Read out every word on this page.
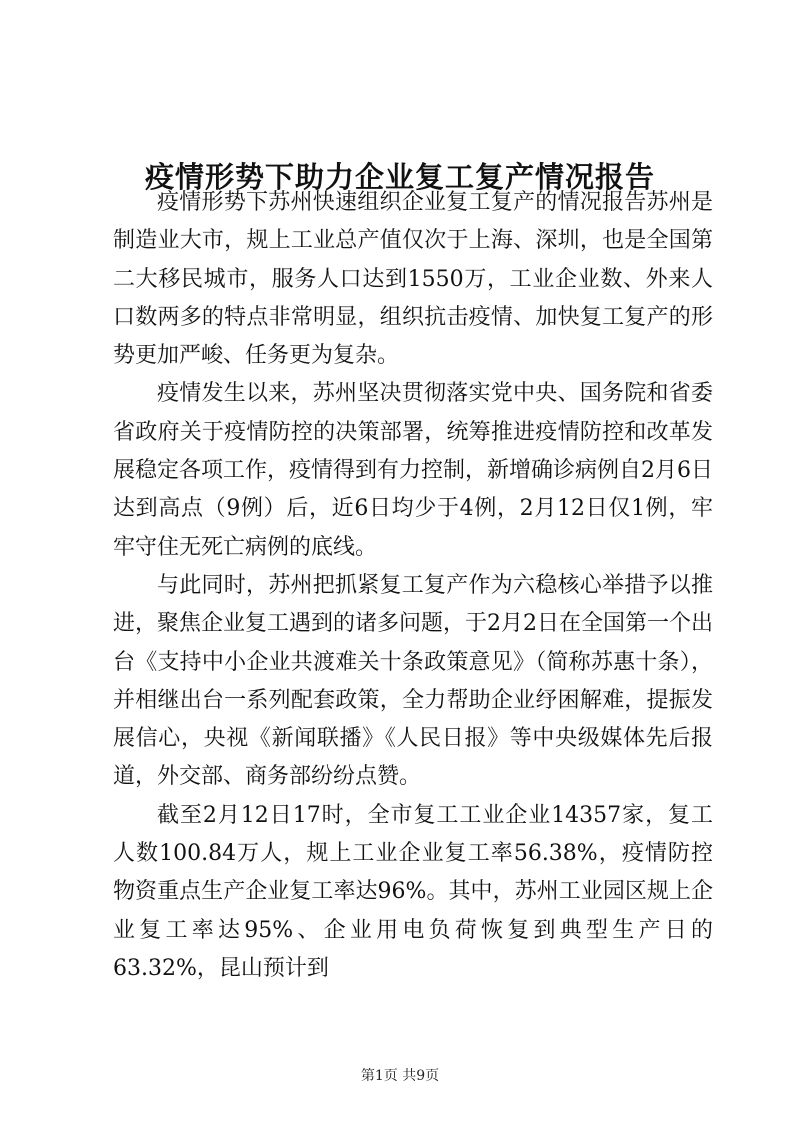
疫情形势下助力企业复工复产情况报告

疫情形势下苏州快速组织企业复工复产的情况报告苏州是制造业大市，规上工业总产值仅次于上海、深圳，也是全国第二大移民城市，服务人口达到1550万，工业企业数、外来人口数两多的特点非常明显，组织抗击疫情、加快复工复产的形势更加严峻、任务更为复杂。

疫情发生以来，苏州坚决贯彻落实党中央、国务院和省委省政府关于疫情防控的决策部署，统筹推进疫情防控和改革发展稳定各项工作，疫情得到有力控制，新增确诊病例自2月6日达到高点（9例）后，近6日均少于4例，2月12日仅1例，牢牢守住无死亡病例的底线。

与此同时，苏州把抓紧复工复产作为六稳核心举措予以推进，聚焦企业复工遇到的诸多问题，于2月2日在全国第一个出台《支持中小企业共渡难关十条政策意见》（简称苏惠十条），并相继出台一系列配套政策，全力帮助企业纾困解难，提振发展信心，央视《新闻联播》《人民日报》等中央级媒体先后报道，外交部、商务部纷纷点赞。

截至2月12日17时，全市复工工业企业14357家，复工人数100.84万人，规上工业企业复工率56.38%，疫情防控物资重点生产企业复工率达96%。其中，苏州工业园区规上企业复工率达95%、企业用电负荷恢复到典型生产日的63.32%，昆山预计到

第1页 共9页
